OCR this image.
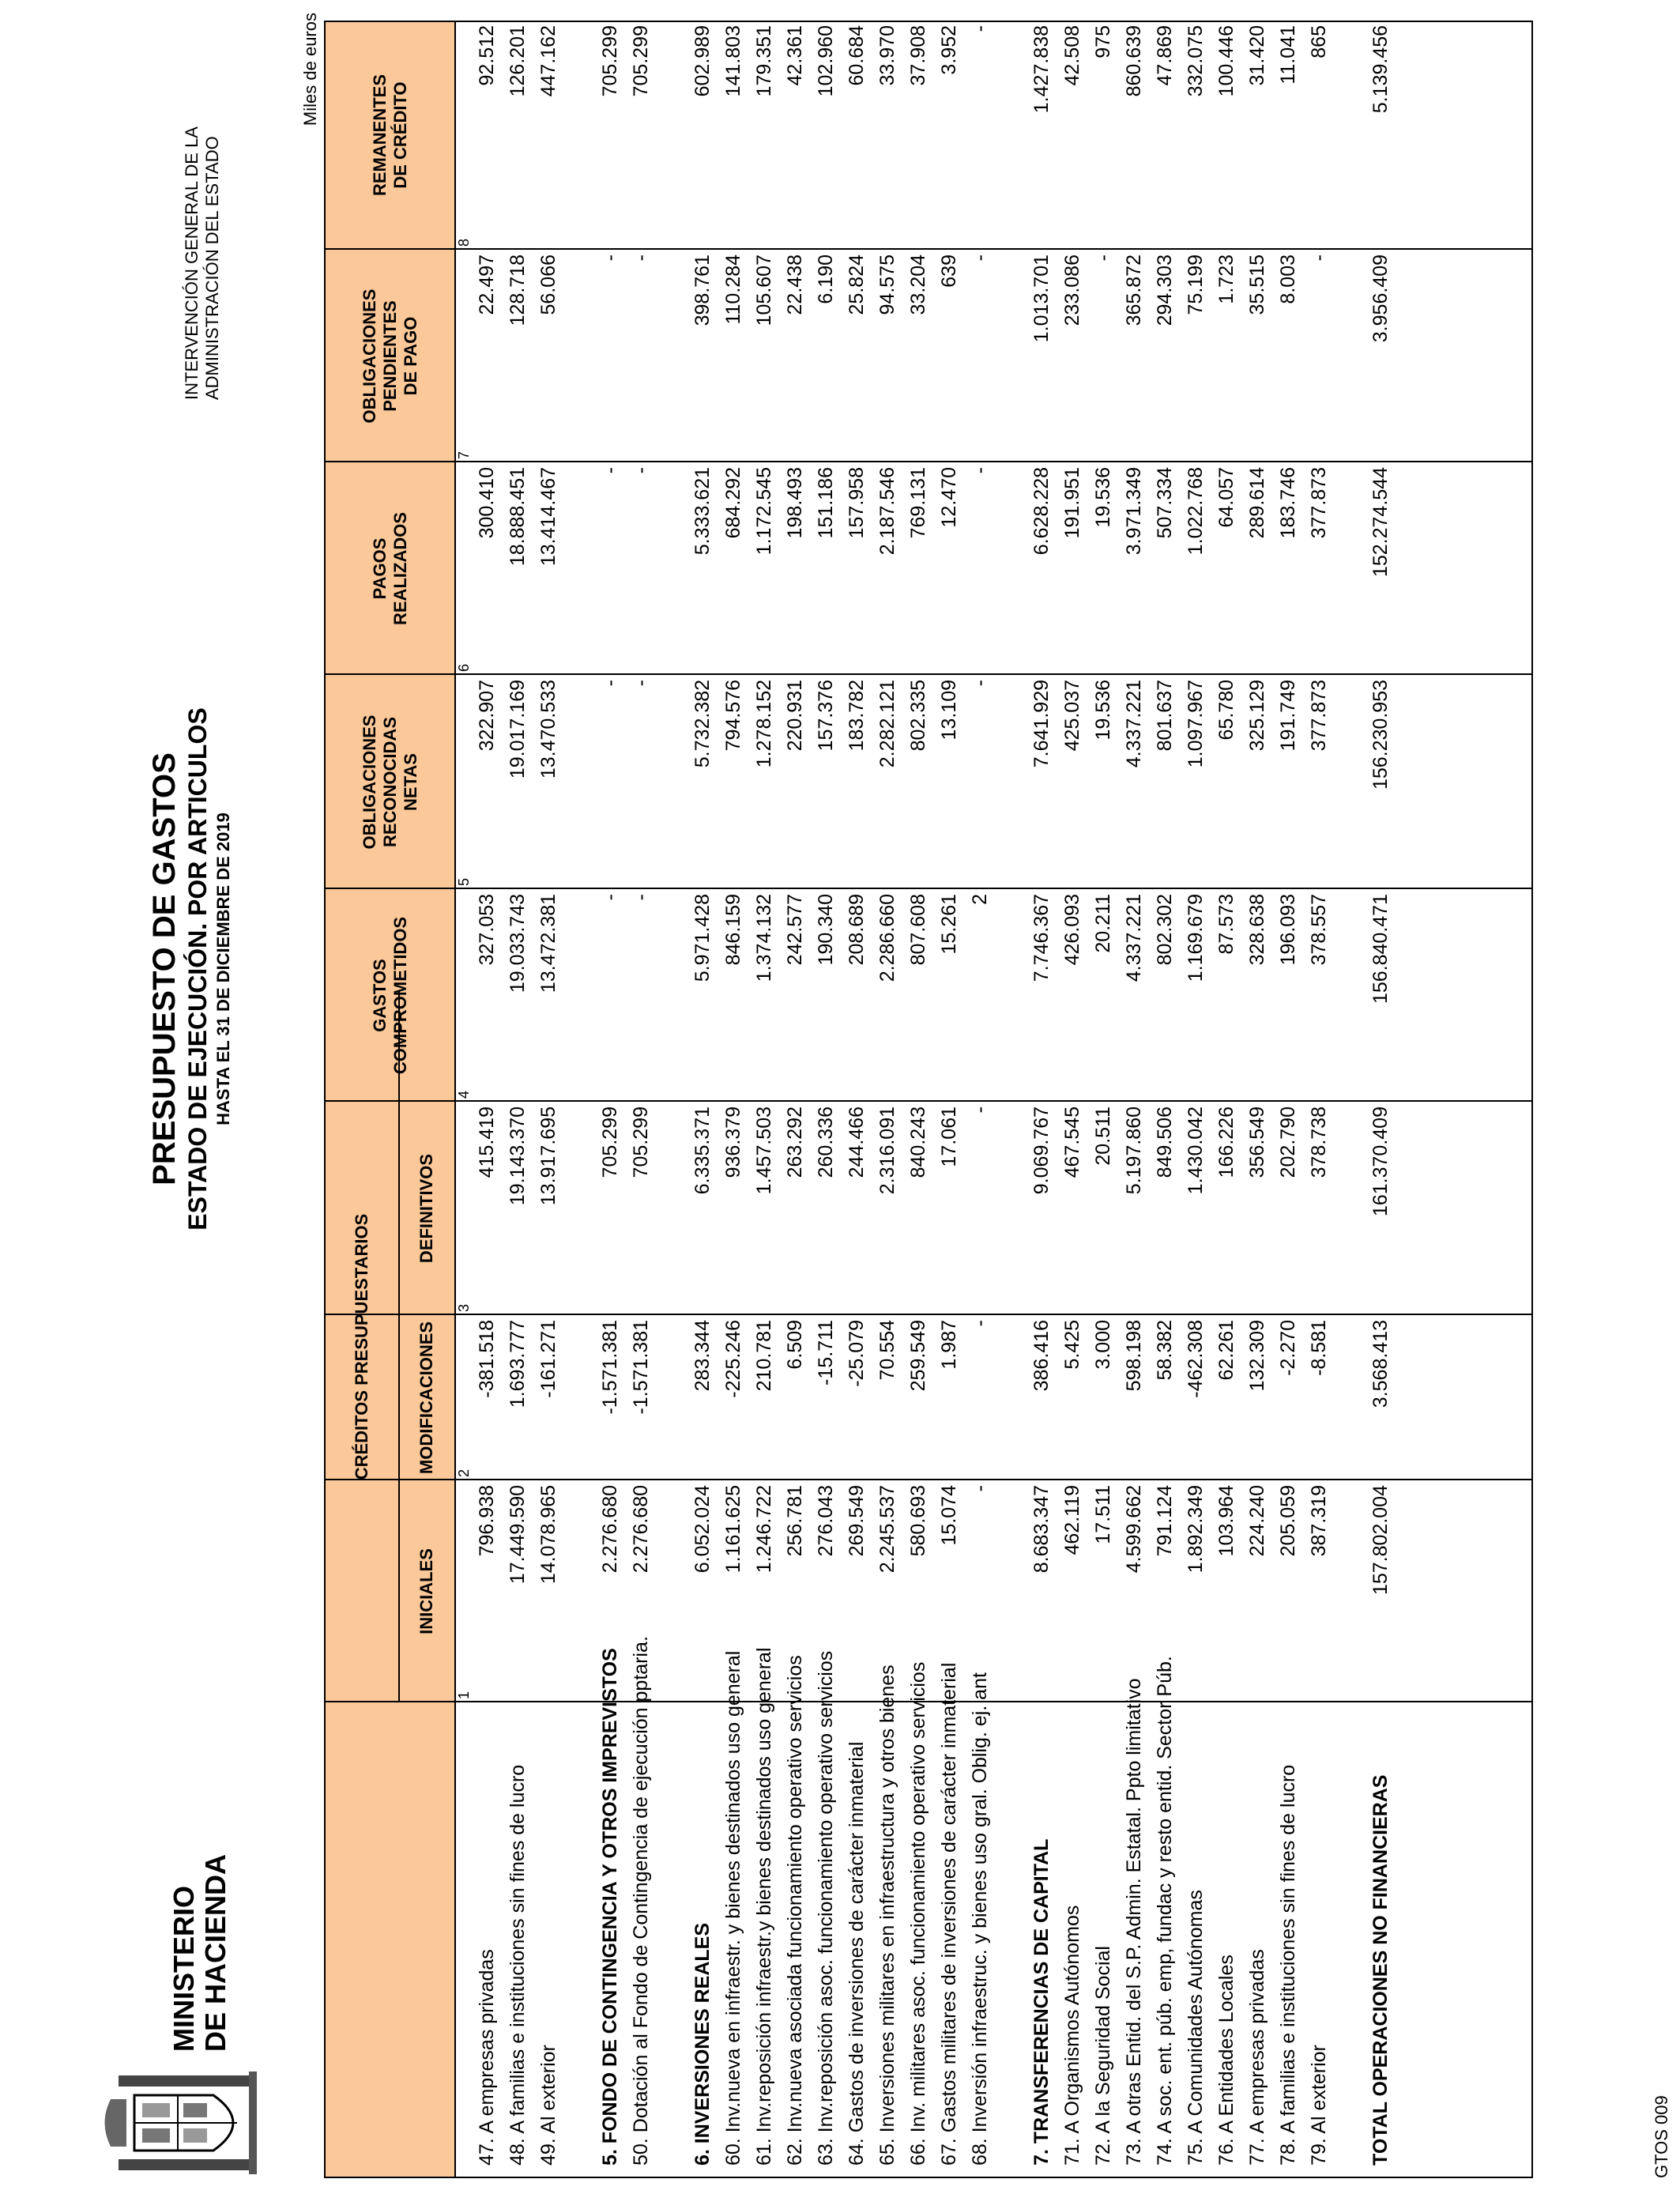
MINISTERIO DE HACIENDA
PRESUPUESTO DE GASTOS ESTADO DE EJECUCIÓN. POR ARTICULOS HASTA EL 31 DE DICIEMBRE DE 2019
INTERVENCIÓN GENERAL DE LA ADMINISTRACIÓN DEL ESTADO
Miles de euros
CRÉDITOS PRESUPUESTARIOS
INICIALES
MODIFICACIONES
DEFINITIVOS
GASTOS COMPROMETIDOS
OBLIGACIONES RECONOCIDAS NETAS
PAGOS REALIZADOS
OBLIGACIONES PENDIENTES DE PAGO
REMANENTES DE CRÉDITO
1
2
3
4
5
6
7
8
47. A empresas privadas
796.938
-381.518
415.419
327.053
322.907
300.410
22.497
92.512
48. A familias e instituciones sin fines de lucro
17.449.590
1.693.777
19.143.370
19.033.743
19.017.169
18.888.451
128.718
126.201
49. Al exterior
14.078.965
-161.271
13.917.695
13.472.381
13.470.533
13.414.467
56.066
447.162
5. FONDO DE CONTINGENCIA Y OTROS IMPREVISTOS
2.276.680
-1.571.381
705.299
-
-
-
-
705.299
50. Dotación al Fondo de Contingencia de ejecución pptaria.
2.276.680
-1.571.381
705.299
-
-
-
-
705.299
6. INVERSIONES REALES
6.052.024
283.344
6.335.371
5.971.428
5.732.382
5.333.621
398.761
602.989
60. Inv.nueva en infraestr. y bienes destinados uso general
1.161.625
-225.246
936.379
846.159
794.576
684.292
110.284
141.803
61. Inv.reposición infraestr.y bienes destinados uso general
1.246.722
210.781
1.457.503
1.374.132
1.278.152
1.172.545
105.607
179.351
62. Inv.nueva asociada funcionamiento operativo servicios
256.781
6.509
263.292
242.577
220.931
198.493
22.438
42.361
63. Inv.reposición asoc. funcionamiento operativo servicios
276.043
-15.711
260.336
190.340
157.376
151.186
6.190
102.960
64. Gastos de inversiones de carácter inmaterial
269.549
-25.079
244.466
208.689
183.782
157.958
25.824
60.684
65. Inversiones militares en infraestructura y otros bienes
2.245.537
70.554
2.316.091
2.286.660
2.282.121
2.187.546
94.575
33.970
66. Inv. militares asoc. funcionamiento operativo servicios
580.693
259.549
840.243
807.608
802.335
769.131
33.204
37.908
67. Gastos militares de inversiones de carácter inmaterial
15.074
1.987
17.061
15.261
13.109
12.470
639
3.952
68. Inversión infraestruc. y bienes uso gral. Oblig. ej. ant
-
-
-
2
-
-
-
-
7. TRANSFERENCIAS DE CAPITAL
8.683.347
386.416
9.069.767
7.746.367
7.641.929
6.628.228
1.013.701
1.427.838
71. A Organismos Autónomos
462.119
5.425
467.545
426.093
425.037
191.951
233.086
42.508
72. A la Seguridad Social
17.511
3.000
20.511
20.211
19.536
19.536
-
975
73. A otras Entid. del S.P. Admin. Estatal. Ppto limitativo
4.599.662
598.198
5.197.860
4.337.221
4.337.221
3.971.349
365.872
860.639
74. A soc. ent. púb. emp, fundac y resto entid. Sector Púb.
791.124
58.382
849.506
802.302
801.637
507.334
294.303
47.869
75. A Comunidades Autónomas
1.892.349
-462.308
1.430.042
1.169.679
1.097.967
1.022.768
75.199
332.075
76. A Entidades Locales
103.964
62.261
166.226
87.573
65.780
64.057
1.723
100.446
77. A empresas privadas
224.240
132.309
356.549
328.638
325.129
289.614
35.515
31.420
78. A familias e instituciones sin fines de lucro
205.059
-2.270
202.790
196.093
191.749
183.746
8.003
11.041
79. Al exterior
387.319
-8.581
378.738
378.557
377.873
377.873
-
865
TOTAL OPERACIONES NO FINANCIERAS
157.802.004
3.568.413
161.370.409
156.840.471
156.230.953
152.274.544
3.956.409
5.139.456
GTOS 009
